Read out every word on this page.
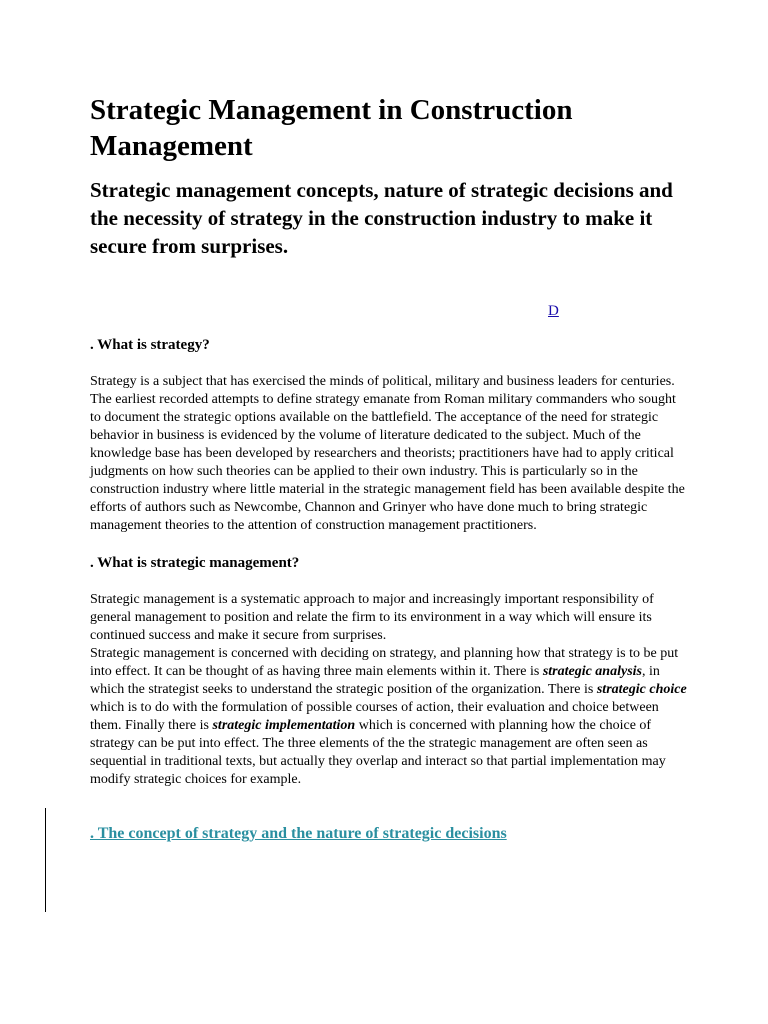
Strategic Management in Construction Management
Strategic management concepts, nature of strategic decisions and the necessity of strategy in the construction industry to make it secure from surprises.
D
. What is strategy?

Strategy is a subject that has exercised the minds of political, military and business leaders for centuries. The earliest recorded attempts to define strategy emanate from Roman military commanders who sought to document the strategic options available on the battlefield. The acceptance of the need for strategic behavior in business is evidenced by the volume of literature dedicated to the subject. Much of the knowledge base has been developed by researchers and theorists; practitioners have had to apply critical judgments on how such theories can be applied to their own industry. This is particularly so in the construction industry where little material in the strategic management field has been available despite the efforts of authors such as Newcombe, Channon and Grinyer who have done much to bring strategic management theories to the attention of construction management practitioners.

. What is strategic management?

Strategic management is a systematic approach to major and increasingly important responsibility of general management to position and relate the firm to its environment in a way which will ensure its continued success and make it secure from surprises.

Strategic management is concerned with deciding on strategy, and planning how that strategy is to be put into effect. It can be thought of as having three main elements within it. There is strategic analysis, in which the strategist seeks to understand the strategic position of the organization. There is strategic choice which is to do with the formulation of possible courses of action, their evaluation and choice between them. Finally there is strategic implementation which is concerned with planning how the choice of strategy can be put into effect. The three elements of the the strategic management are often seen as sequential in traditional texts, but actually they overlap and interact so that partial implementation may modify strategic choices for example.

. The concept of strategy and the nature of strategic decisions
